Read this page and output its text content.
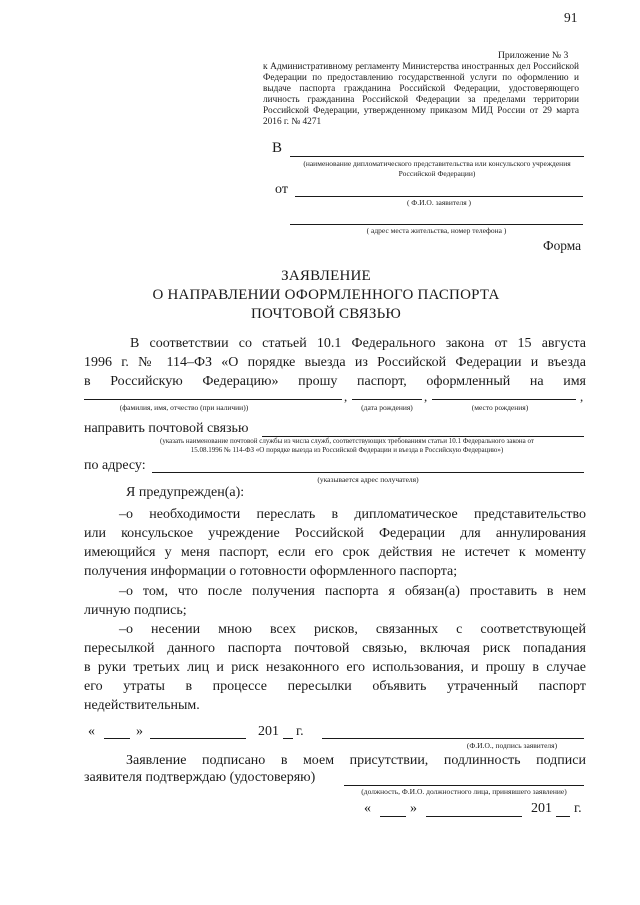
91
Приложение № 3
к Административному регламенту Министерства иностранных дел Российской Федерации по предоставлению государственной услуги по оформлению и выдаче паспорта гражданина Российской Федерации, удостоверяющего личность гражданина Российской Федерации за пределами территории Российской Федерации, утвержденному приказом МИД России от 29 марта 2016 г. № 4271
В
(наименование дипломатического представительства или консульского учреждения
Российской Федерации)
от
( Ф.И.О. заявителя )
( адрес места жительства, номер телефона )
Форма
ЗАЯВЛЕНИЕ
О НАПРАВЛЕНИИ ОФОРМЛЕННОГО ПАСПОРТА
ПОЧТОВОЙ СВЯЗЬЮ
В соответствии со статьей 10.1 Федерального закона от 15 августа
1996 г. № 114–ФЗ «О порядке выезда из Российской Федерации и въезда
в Российскую Федерацию» прошу паспорт, оформленный на имя
,	,	,
(фамилия, имя, отчество (при наличии))	(дата рождения)	(место рождения)
направить почтовой связью
(указать наименование почтовой службы из числа служб, соответствующих требованиям статьи 10.1 Федерального закона от
15.08.1996 № 114-ФЗ «О порядке выезда из Российской Федерации и въезда в Российскую Федерацию»)
по адресу:
(указывается адрес получателя)
Я предупрежден(а):
–о необходимости переслать в дипломатическое представительство
или консульское учреждение Российской Федерации для аннулирования
имеющийся у меня паспорт, если его срок действия не истечет к моменту
получения информации о готовности оформленного паспорта;
–о том, что после получения паспорта я обязан(а) проставить в нем
личную подпись;
–о несении мною всех рисков, связанных с соответствующей
пересылкой данного паспорта почтовой связью, включая риск попадания
в руки третьих лиц и риск незаконного его использования, и прошу в случае
его утраты в процессе пересылки объявить утраченный паспорт
недействительным.
«	»	201 г.
(Ф.И.О., подпись заявителя)
Заявление подписано в моем присутствии, подлинность подписи
заявителя подтверждаю (удостоверяю)
(должность, Ф.И.О. должностного лица, принявшего заявление)
«	»	201 г.
